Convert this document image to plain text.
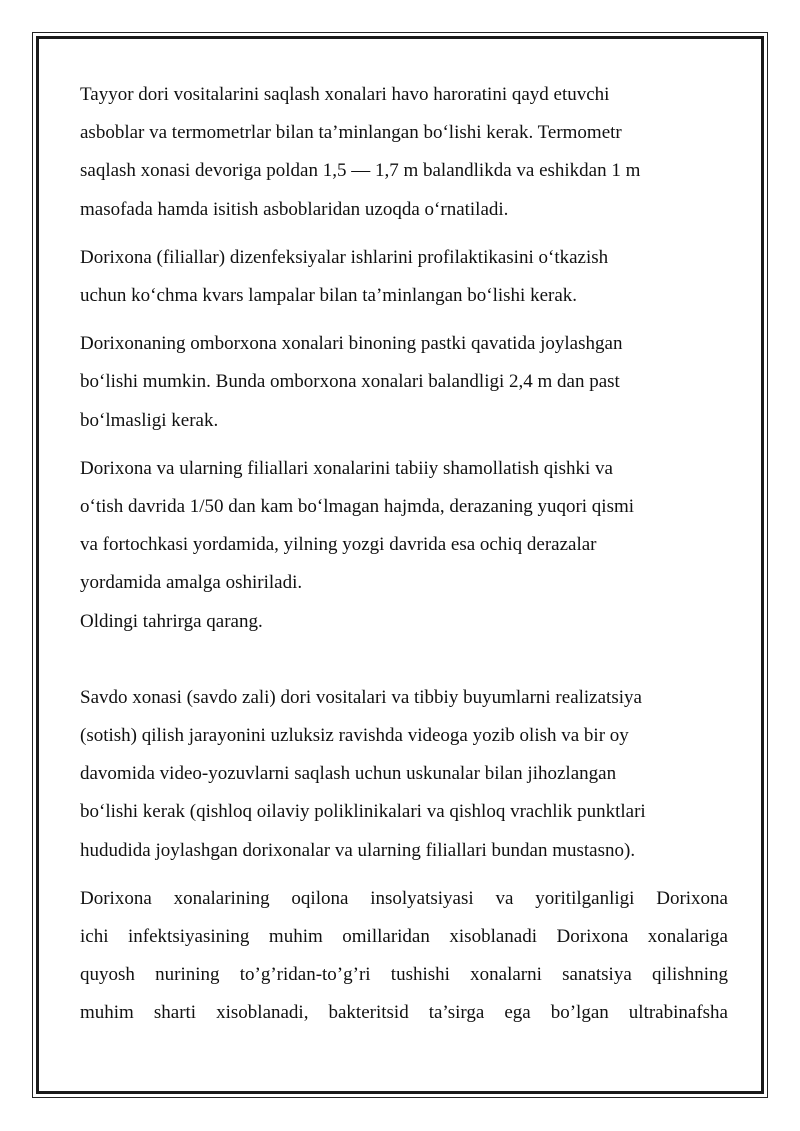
Tayyor dori vositalarini saqlash xonalari havo haroratini qayd etuvchi
asboblar va termometrlar bilan ta’minlangan bo‘lishi kerak. Termometr
saqlash xonasi devoriga poldan 1,5 — 1,7 m balandlikda va eshikdan 1 m
masofada hamda isitish asboblaridan uzoqda o‘rnatiladi.
Dorixona (filiallar) dizenfeksiyalar ishlarini profilaktikasini o‘tkazish
uchun ko‘chma kvars lampalar bilan ta’minlangan bo‘lishi kerak.
Dorixonaning omborxona xonalari binoning pastki qavatida joylashgan
bo‘lishi mumkin. Bunda omborxona xonalari balandligi 2,4 m dan past
bo‘lmasligi kerak.
Dorixona va ularning filiallari xonalarini tabiiy shamollatish qishki va
o‘tish davrida 1/50 dan kam bo‘lmagan hajmda, derazaning yuqori qismi
va fortochkasi yordamida, yilning yozgi davrida esa ochiq derazalar
yordamida amalga oshiriladi.
Oldingi tahrirga qarang.
Savdo xonasi (savdo zali) dori vositalari va tibbiy buyumlarni realizatsiya
(sotish) qilish jarayonini uzluksiz ravishda videoga yozib olish va bir oy
davomida video-yozuvlarni saqlash uchun uskunalar bilan jihozlangan
bo‘lishi kerak (qishloq oilaviy poliklinikalari va qishloq vrachlik punktlari
hududida joylashgan dorixonalar va ularning filiallari bundan mustasno).
Dorixona xonalarining oqilona insolyatsiyasi va yoritilganligi Dorixona
ichi infektsiyasining muhim omillaridan xisoblanadi Dorixona xonalariga
quyosh nurining to’g’ridan-to’g’ri tushishi xonalarni sanatsiya qilishning
muhim sharti xisoblanadi, bakteritsid ta’sirga ega bo’lgan ultrabinafsha
